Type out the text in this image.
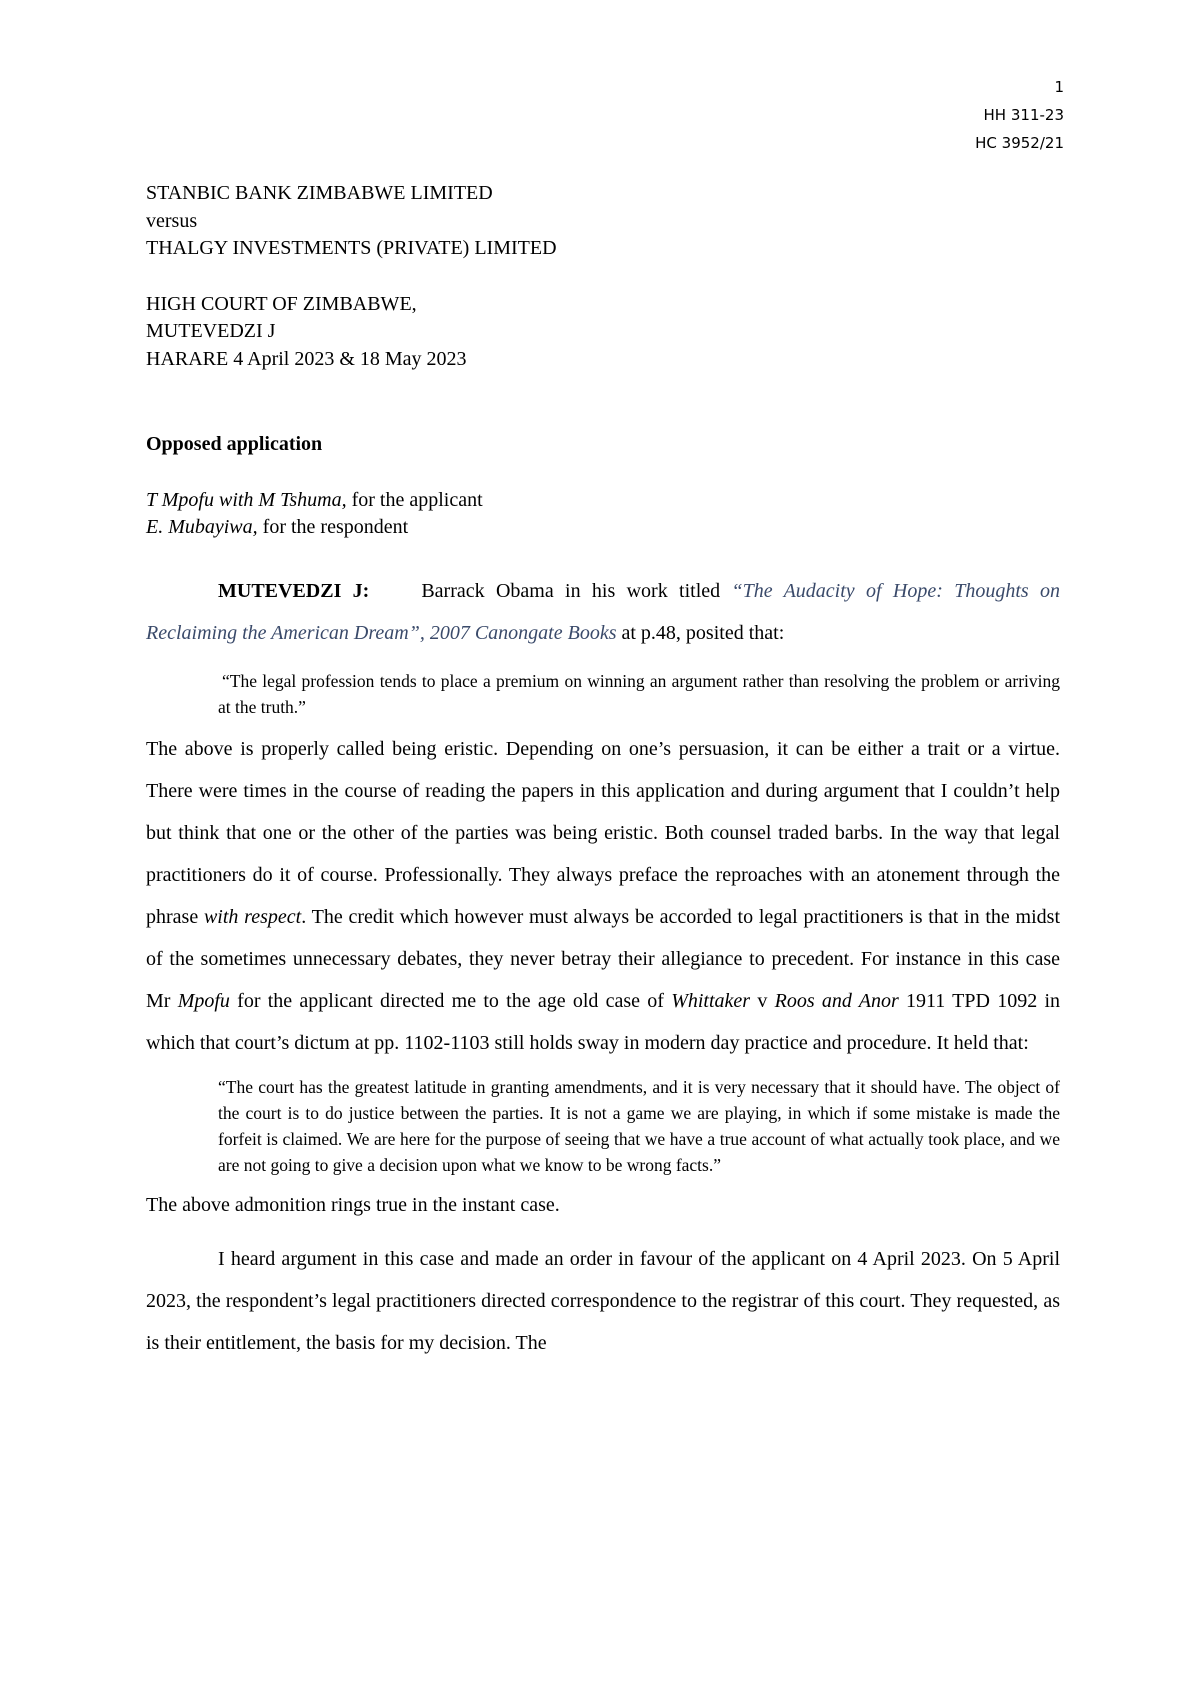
1
HH 311-23
HC 3952/21
STANBIC BANK ZIMBABWE LIMITED
versus
THALGY INVESTMENTS (PRIVATE) LIMITED
HIGH COURT OF ZIMBABWE,
MUTEVEDZI J
HARARE 4 April 2023 & 18 May 2023
Opposed application
T Mpofu with M Tshuma, for the applicant
E. Mubayiwa, for the respondent
MUTEVEDZI J:	Barrack Obama in his work titled “The Audacity of Hope: Thoughts on Reclaiming the American Dream”, 2007 Canongate Books at p.48, posited that:
“The legal profession tends to place a premium on winning an argument rather than resolving the problem or arriving at the truth.”
The above is properly called being eristic. Depending on one’s persuasion, it can be either a trait or a virtue. There were times in the course of reading the papers in this application and during argument that I couldn’t help but think that one or the other of the parties was being eristic. Both counsel traded barbs. In the way that legal practitioners do it of course. Professionally. They always preface the reproaches with an atonement through the phrase with respect. The credit which however must always be accorded to legal practitioners is that in the midst of the sometimes unnecessary debates, they never betray their allegiance to precedent. For instance in this case Mr Mpofu for the applicant directed me to the age old case of Whittaker v Roos and Anor 1911 TPD 1092 in which that court’s dictum at pp. 1102-1103 still holds sway in modern day practice and procedure. It held that:
“The court has the greatest latitude in granting amendments, and it is very necessary that it should have. The object of the court is to do justice between the parties. It is not a game we are playing, in which if some mistake is made the forfeit is claimed. We are here for the purpose of seeing that we have a true account of what actually took place, and we are not going to give a decision upon what we know to be wrong facts.”
The above admonition rings true in the instant case.
I heard argument in this case and made an order in favour of the applicant on 4 April 2023. On 5 April 2023, the respondent’s legal practitioners directed correspondence to the registrar of this court. They requested, as is their entitlement, the basis for my decision. The
